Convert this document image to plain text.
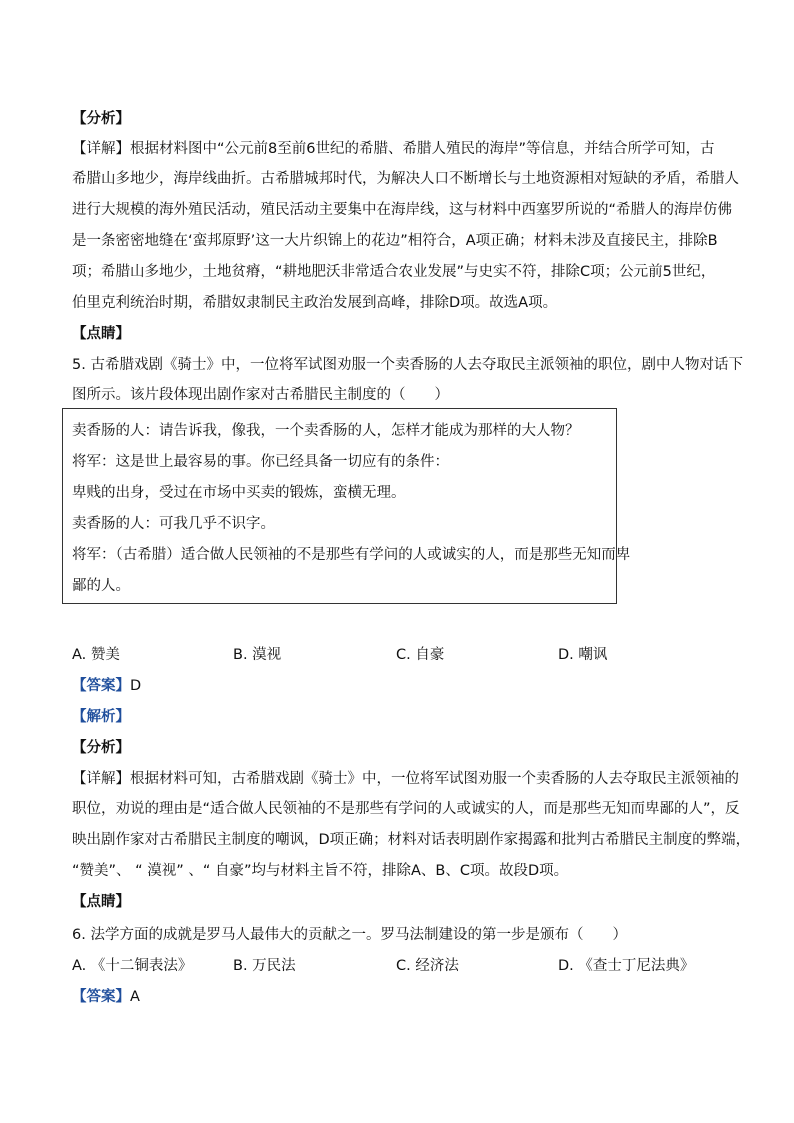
【分析】
【详解】根据材料图中“公元前8至前6世纪的希腊、希腊人殖民的海岸”等信息，并结合所学可知，古
希腊山多地少，海岸线曲折。古希腊城邦时代，为解决人口不断增长与土地资源相对短缺的矛盾，希腊人
进行大规模的海外殖民活动，殖民活动主要集中在海岸线，这与材料中西塞罗所说的“希腊人的海岸仿佛
是一条密密地缝在‘蛮邦原野’这一大片织锦上的花边”相符合，A项正确；材料未涉及直接民主，排除B
项；希腊山多地少，土地贫瘠，“耕地肥沃非常适合农业发展”与史实不符，排除C项；公元前5世纪，
伯里克利统治时期，希腊奴隶制民主政治发展到高峰，排除D项。故选A项。
【点睛】
5. 古希腊戏剧《骑士》中，一位将军试图劝服一个卖香肠的人去夺取民主派领袖的职位，剧中人物对话下
图所示。该片段体现出剧作家对古希腊民主制度的（　　）
卖香肠的人：请告诉我，像我，一个卖香肠的人，怎样才能成为那样的大人物？
将军：这是世上最容易的事。你已经具备一切应有的条件：
卑贱的出身，受过在市场中买卖的锻炼，蛮横无理。
卖香肠的人：可我几乎不识字。
将军：（古希腊）适合做人民领袖的不是那些有学问的人或诚实的人，而是那些无知而卑
鄙的人。
A. 赞美	B. 漠视	C. 自豪	D. 嘲讽
【答案】D
【解析】
【分析】
【详解】根据材料可知，古希腊戏剧《骑士》中，一位将军试图劝服一个卖香肠的人去夺取民主派领袖的
职位，劝说的理由是“适合做人民领袖的不是那些有学问的人或诚实的人，而是那些无知而卑鄙的人”，反
映出剧作家对古希腊民主制度的嘲讽，D项正确；材料对话表明剧作家揭露和批判古希腊民主制度的弊端，
“赞美”、 “ 漠视” 、“ 自豪”均与材料主旨不符，排除A、B、C项。故段D项。
【点睛】
6. 法学方面的成就是罗马人最伟大的贡献之一。罗马法制建设的第一步是颁布（　　）
A. 《十二铜表法》	B. 万民法	C. 经济法	D. 《查士丁尼法典》
【答案】A
